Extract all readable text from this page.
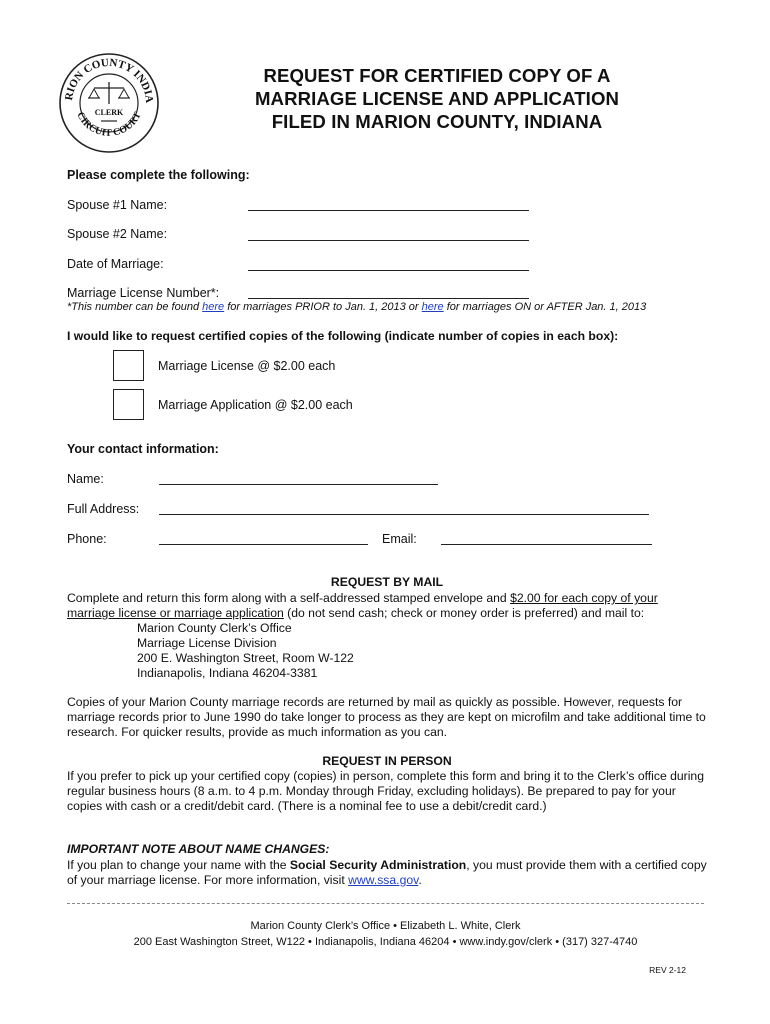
RION COUNTY INDIA
CIRCUIT COURT
CLERK
REQUEST FOR CERTIFIED COPY OF A
MARRIAGE LICENSE AND APPLICATION
FILED IN MARION COUNTY, INDIANA
Please complete the following:
Spouse #1 Name:
Spouse #2 Name:
Date of Marriage:
Marriage License Number*:
*This number can be found here for marriages PRIOR to Jan. 1, 2013 or here for marriages ON or AFTER Jan. 1, 2013
I would like to request certified copies of the following (indicate number of copies in each box):
Marriage License @ $2.00 each
Marriage Application @ $2.00 each
Your contact information:
Name:
Full Address:
Phone:	Email:
REQUEST BY MAIL
Complete and return this form along with a self-addressed stamped envelope and $2.00 for each copy of your
marriage license or marriage application (do not send cash; check or money order is preferred) and mail to:
Marion County Clerk’s Office
Marriage License Division
200 E. Washington Street, Room W-122
Indianapolis, Indiana 46204-3381
Copies of your Marion County marriage records are returned by mail as quickly as possible. However, requests for marriage records prior to June 1990 do take longer to process as they are kept on microfilm and take additional time to research. For quicker results, provide as much information as you can.
REQUEST IN PERSON
If you prefer to pick up your certified copy (copies) in person, complete this form and bring it to the Clerk’s office during regular business hours (8 a.m. to 4 p.m. Monday through Friday, excluding holidays). Be prepared to pay for your copies with cash or a credit/debit card. (There is a nominal fee to use a debit/credit card.)
IMPORTANT NOTE ABOUT NAME CHANGES:
If you plan to change your name with the Social Security Administration, you must provide them with a certified copy of your marriage license. For more information, visit www.ssa.gov.
Marion County Clerk’s Office • Elizabeth L. White, Clerk
200 East Washington Street, W122 • Indianapolis, Indiana 46204 • www.indy.gov/clerk • (317) 327-4740
REV 2-12
